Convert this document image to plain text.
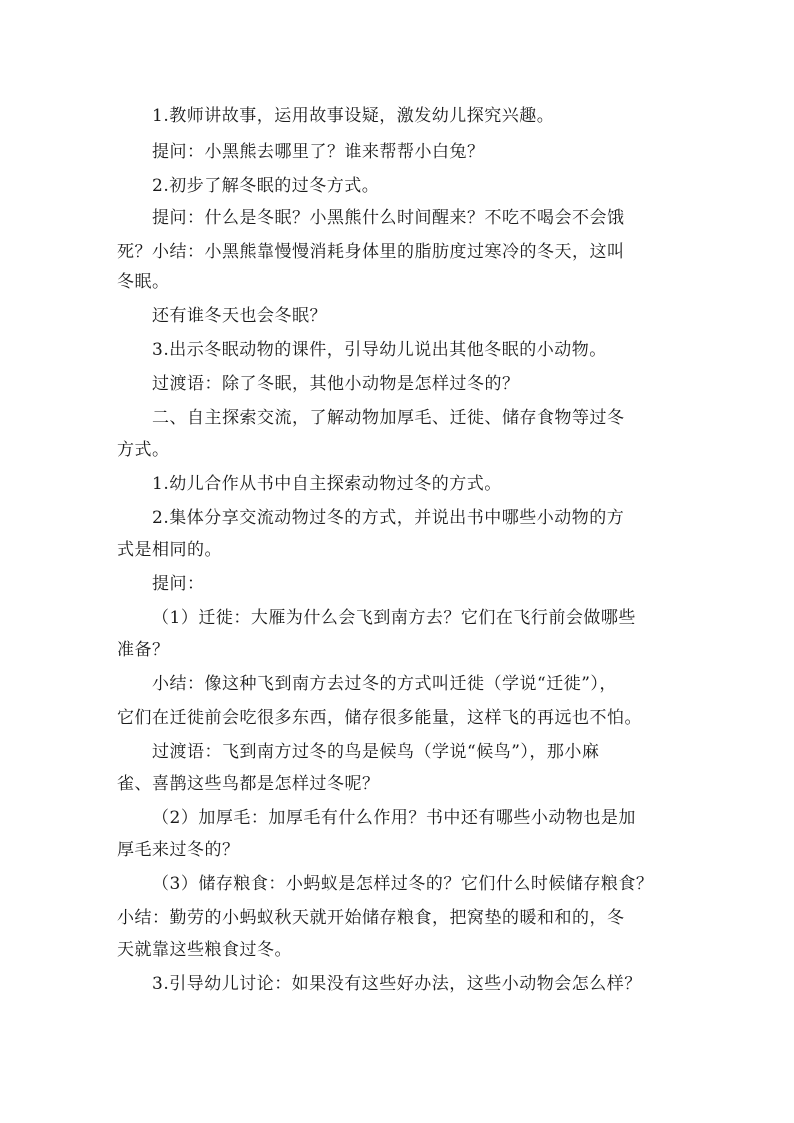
1.教师讲故事，运用故事设疑，激发幼儿探究兴趣。
提问：小黑熊去哪里了？谁来帮帮小白兔？
2.初步了解冬眠的过冬方式。
提问：什么是冬眠？小黑熊什么时间醒来？不吃不喝会不会饿
死？小结：小黑熊靠慢慢消耗身体里的脂肪度过寒冷的冬天，这叫
冬眠。
还有谁冬天也会冬眠？
3.出示冬眠动物的课件，引导幼儿说出其他冬眠的小动物。
过渡语：除了冬眠，其他小动物是怎样过冬的？
二、自主探索交流，了解动物加厚毛、迁徙、储存食物等过冬
方式。
1.幼儿合作从书中自主探索动物过冬的方式。
2.集体分享交流动物过冬的方式，并说出书中哪些小动物的方
式是相同的。
提问：
（1）迁徙：大雁为什么会飞到南方去？它们在飞行前会做哪些
准备？
小结：像这种飞到南方去过冬的方式叫迁徙（学说“迁徙”），
它们在迁徙前会吃很多东西，储存很多能量，这样飞的再远也不怕。
过渡语：飞到南方过冬的鸟是候鸟（学说“候鸟”），那小麻
雀、喜鹊这些鸟都是怎样过冬呢？
（2）加厚毛：加厚毛有什么作用？书中还有哪些小动物也是加
厚毛来过冬的？
（3）储存粮食：小蚂蚁是怎样过冬的？它们什么时候储存粮食？
小结：勤劳的小蚂蚁秋天就开始储存粮食，把窝垫的暖和和的，冬
天就靠这些粮食过冬。
3.引导幼儿讨论：如果没有这些好办法，这些小动物会怎么样？
